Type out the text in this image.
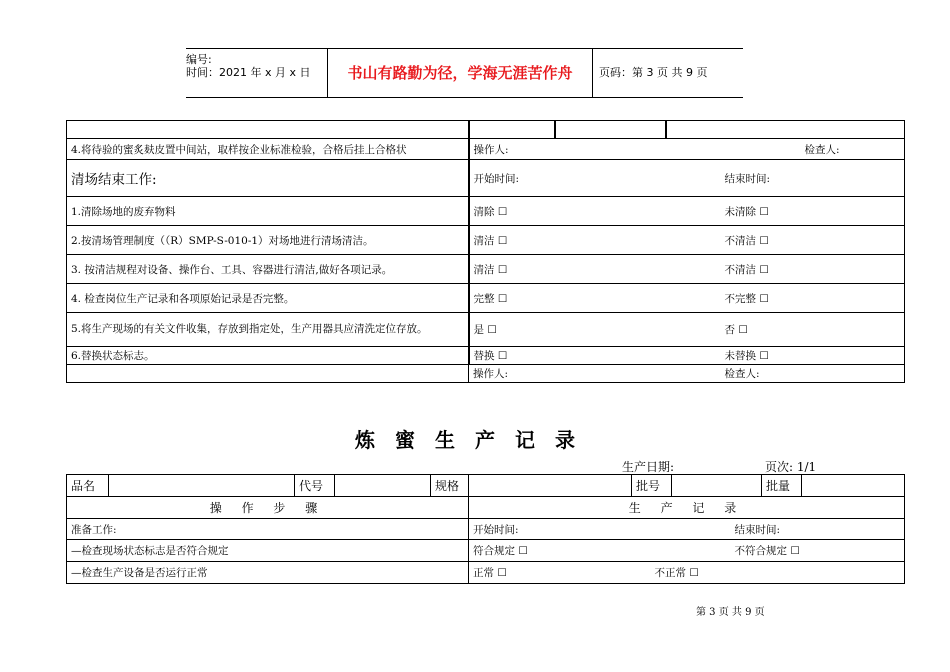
编号:
时间：2021 年 x 月 x 日	书山有路勤为径，学海无涯苦作舟	页码：第 3 页 共 9 页

4.将待验的蜜炙麸皮置中间站，取样按企业标准检验，合格后挂上合格状	操作人: 检查人:		

清场结束工作:	开始时间: 结束时间:		

1.清除场地的废弃物料	清除 ☐ 未清除 ☐		

2.按清场管理制度（（R）SMP-S-010-1）对场地进行清场清洁。	清洁 ☐ 不清洁 ☐		

3. 按清洁规程对设备、操作台、工具、容器进行清洁,做好各项记录。	清洁 ☐ 不清洁 ☐		

4. 检查岗位生产记录和各项原始记录是否完整。	完整 ☐ 不完整 ☐		

5.将生产现场的有关文件收集，存放到指定处，生产用器具应清洗定位存放。	是 ☐ 否 ☐		

6.替换状态标志。	替换 ☐ 未替换 ☐		

	操作人: 检查人:		
炼蜜生产记录
生产日期:	页次: 1/1
品名		代号		规格		批号		批量	
操 作 步 骤					生 产 记 录				
准备工作:					开始时间: 结束时间:				

—检查现场状态标志是否符合规定					符合规定 ☐ 不符合规定 ☐				

—检查生产设备是否运行正常					正常 ☐ 不正常 ☐				
第 3 页 共 9 页
